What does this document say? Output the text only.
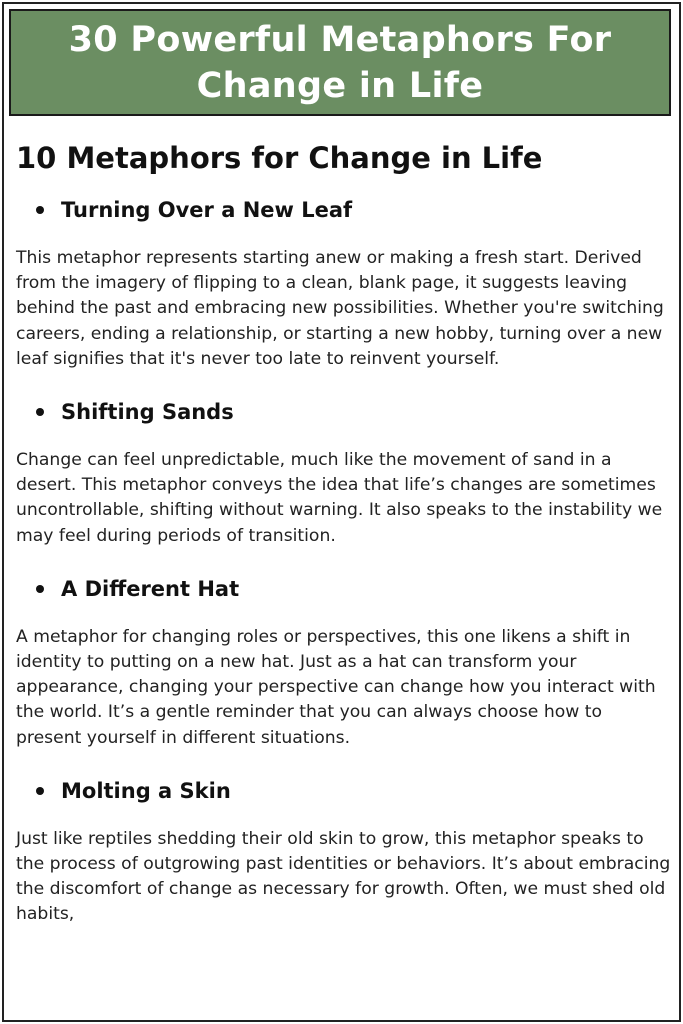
30 Powerful Metaphors For Change in Life
10 Metaphors for Change in Life
Turning Over a New Leaf

This metaphor represents starting anew or making a fresh start. Derived from the imagery of flipping to a clean, blank page, it suggests leaving behind the past and embracing new possibilities. Whether you're switching careers, ending a relationship, or starting a new hobby, turning over a new leaf signifies that it's never too late to reinvent yourself.

Shifting Sands

Change can feel unpredictable, much like the movement of sand in a desert. This metaphor conveys the idea that life’s changes are sometimes uncontrollable, shifting without warning. It also speaks to the instability we may feel during periods of transition.

A Different Hat

A metaphor for changing roles or perspectives, this one likens a shift in identity to putting on a new hat. Just as a hat can transform your appearance, changing your perspective can change how you interact with the world. It’s a gentle reminder that you can always choose how to present yourself in different situations.

Molting a Skin

Just like reptiles shedding their old skin to grow, this metaphor speaks to the process of outgrowing past identities or behaviors. It’s about embracing the discomfort of change as necessary for growth. Often, we must shed old habits,
